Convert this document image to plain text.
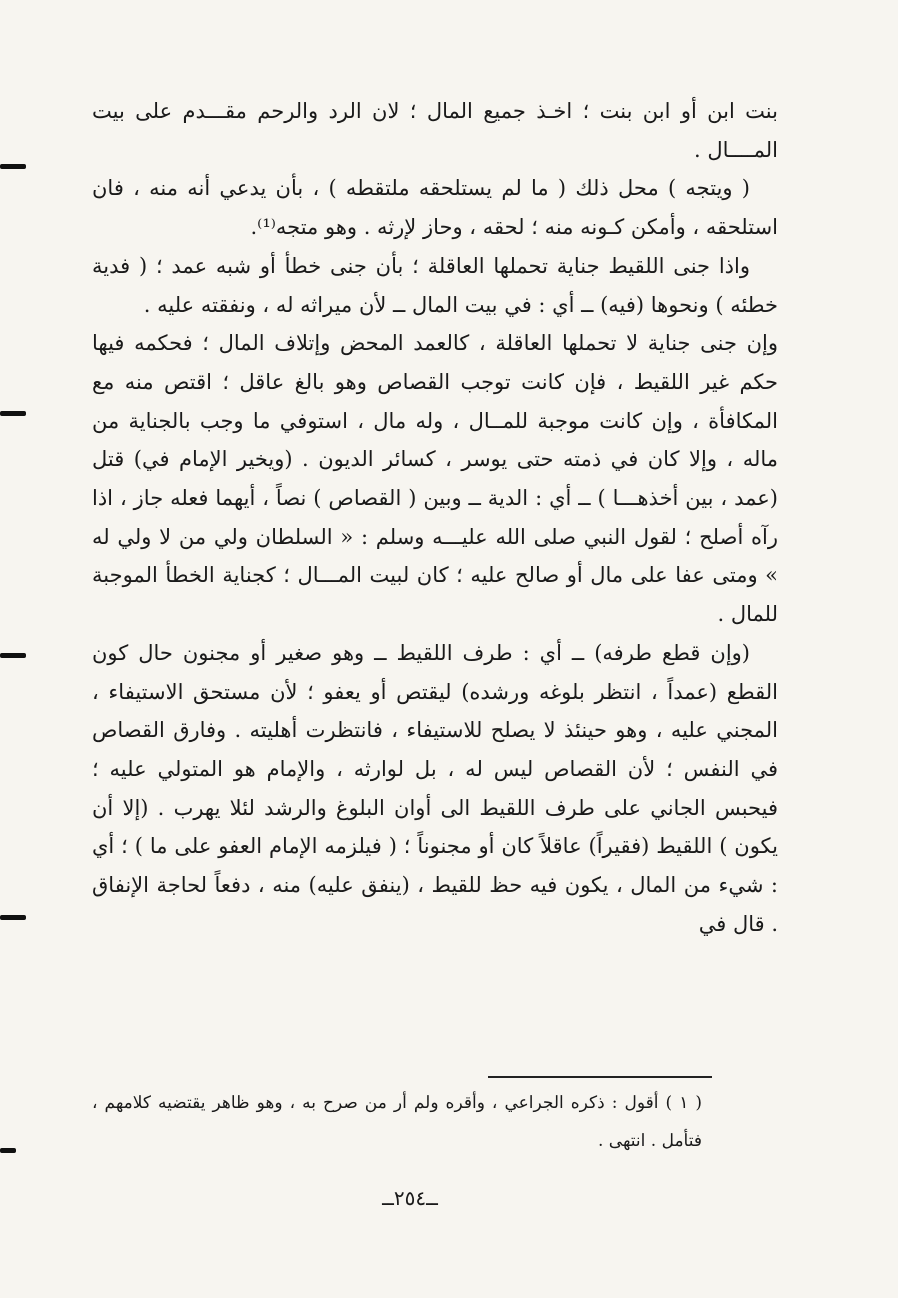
بنت ابن أو ابن بنت ؛ اخـذ جميع المال ؛ لان الرد والرحم مقـــدم على بيت المــــال .

( ويتجه ) محل ذلك ( ما لم يستلحقه ملتقطه ) ، بأن يدعي أنه منه ، فان استلحقه ، وأمكن كـونه منه ؛ لحقه ، وحاز لإرثه . وهو متجه⁽¹⁾.

واذا جنى اللقيط جناية تحملها العاقلة ؛ بأن جنى خطأ أو شبه عمد ؛ ( فدية خطئه ) ونحوها (فيه) ــ أي : في بيت المال ــ لأن ميراثه له ، ونفقته عليه .

وإن جنى جناية لا تحملها العاقلة ، كالعمد المحض وإتلاف المال ؛ فحكمه فيها حكم غير اللقيط ، فإن كانت توجب القصاص وهو بالغ عاقل ؛ اقتص منه مع المكافأة ، وإن كانت موجبة للمــال ، وله مال ، استوفي ما وجب بالجناية من ماله ، وإلا كان في ذمته حتى يوسر ، كسائر الديون . (ويخير الإمام في) قتل (عمد ، بين أخذهـــا ) ــ أي : الدية ــ وبين ( القصاص ) نصاً ، أيهما فعله جاز ، اذا رآه أصلح ؛ لقول النبي صلى الله عليـــه وسلم : « السلطان ولي من لا ولي له » ومتى عفا على مال أو صالح عليه ؛ كان لبيت المـــال ؛ كجناية الخطأ الموجبة للمال .

(وإن قطع طرفه) ــ أي : طرف اللقيط ــ وهو صغير أو مجنون حال كون القطع (عمداً ، انتظر بلوغه ورشده) ليقتص أو يعفو ؛ لأن مستحق الاستيفاء ، المجني عليه ، وهو حينئذ لا يصلح للاستيفاء ، فانتظرت أهليته . وفارق القصاص في النفس ؛ لأن القصاص ليس له ، بل لوارثه ، والإمام هو المتولي عليه ؛ فيحبس الجاني على طرف اللقيط الى أوان البلوغ والرشد لئلا يهرب . (إلا أن يكون ) اللقيط (فقيراً) عاقلاً كان أو مجنوناً ؛ ( فيلزمه الإمام العفو على ما ) ؛ أي : شيء من المال ، يكون فيه حظ للقيط ، (ينفق عليه) منه ، دفعاً لحاجة الإنفاق . قال في

( ١ ) أقول : ذكره الجراعي ، وأقره ولم أر من صرح به ، وهو ظاهر يقتضيه كلامهم ، فتأمل . انتهى .
ــ٢٥٤ــ
